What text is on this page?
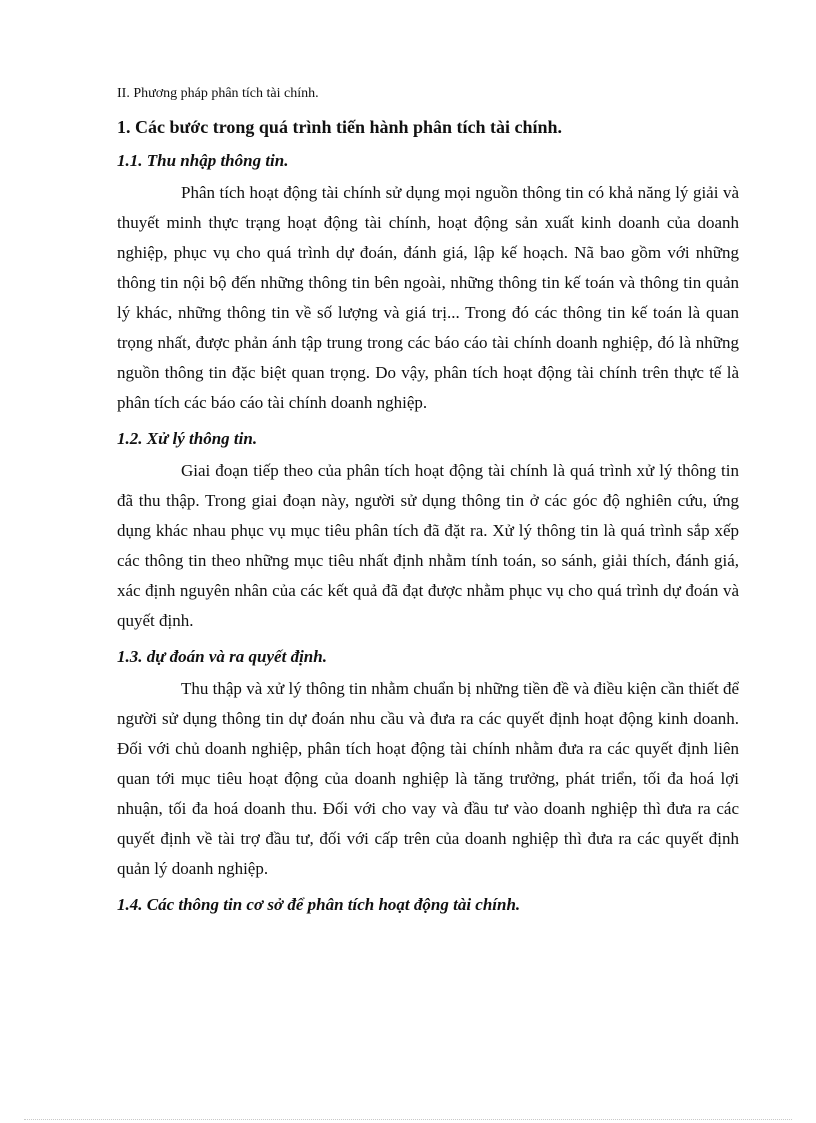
II. Phương pháp phân tích tài chính.

1. Các bước trong quá trình tiến hành phân tích tài chính.

1.1. Thu nhập thông tin.

Phân tích hoạt động tài chính sử dụng mọi nguồn thông tin có khả năng lý giải và thuyết minh thực trạng hoạt động tài chính, hoạt động sản xuất kinh doanh của doanh nghiệp, phục vụ cho quá trình dự đoán, đánh giá, lập kế hoạch. Nã bao gồm với những thông tin nội bộ đến những thông tin bên ngoài, những thông tin kế toán và thông tin quản lý khác, những thông tin về số lượng và giá trị... Trong đó các thông tin kế toán là quan trọng nhất, được phản ánh tập trung trong các báo cáo tài chính doanh nghiệp, đó là những nguồn thông tin đặc biệt quan trọng. Do vậy, phân tích hoạt động tài chính trên thực tế là phân tích các báo cáo tài chính doanh nghiệp.

1.2. Xử lý thông tin.

Giai đoạn tiếp theo của phân tích hoạt động tài chính là quá trình xử lý thông tin đã thu thập. Trong giai đoạn này, người sử dụng thông tin ở các góc độ nghiên cứu, ứng dụng khác nhau phục vụ mục tiêu phân tích đã đặt ra. Xử lý thông tin là quá trình sắp xếp các thông tin theo những mục tiêu nhất định nhằm tính toán, so sánh, giải thích, đánh giá, xác định nguyên nhân của các kết quả đã đạt được nhằm phục vụ cho quá trình dự đoán và quyết định.

1.3. dự đoán và ra quyết định.

Thu thập và xử lý thông tin nhằm chuẩn bị những tiền đề và điều kiện cần thiết để người sử dụng thông tin dự đoán nhu cầu và đưa ra các quyết định hoạt động kinh doanh. Đối với chủ doanh nghiệp, phân tích hoạt động tài chính nhằm đưa ra các quyết định liên quan tới mục tiêu hoạt động của doanh nghiệp là tăng trưởng, phát triển, tối đa hoá lợi nhuận, tối đa hoá doanh thu. Đối với cho vay và đầu tư vào doanh nghiệp thì đưa ra các quyết định về tài trợ đầu tư, đối với cấp trên của doanh nghiệp thì đưa ra các quyết định quản lý doanh nghiệp.

1.4. Các thông tin cơ sở để phân tích hoạt động tài chính.
